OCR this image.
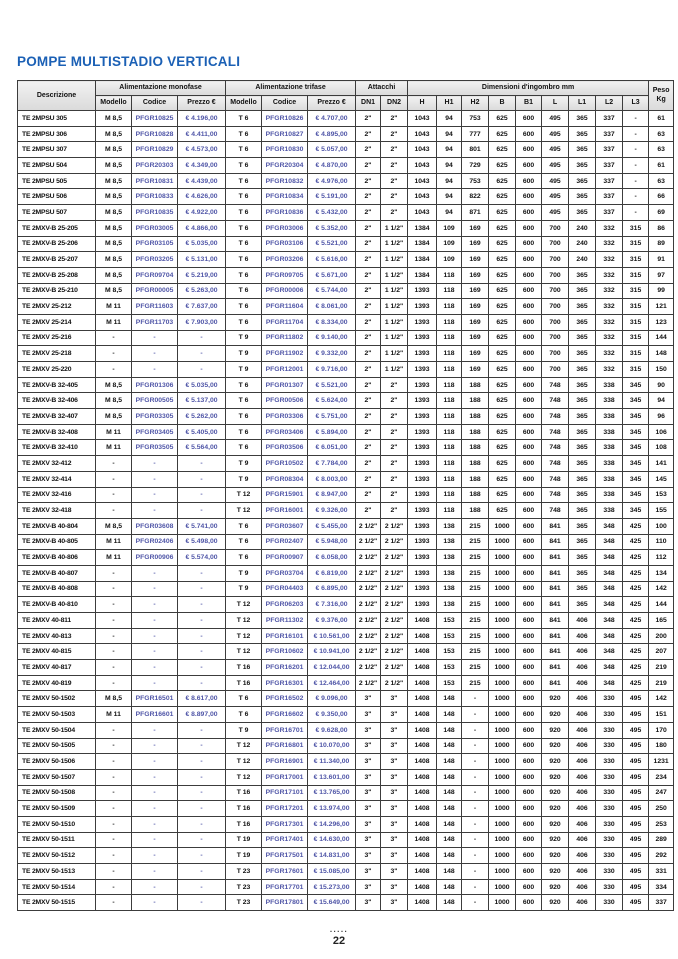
POMPE MULTISTADIO VERTICALI
Descrizione	Alimentazione monofase			Alimentazione trifase			Attacchi		Dimensioni d'ingombro mm									Peso
Kg

	Modello	Codice	Prezzo €	Modello	Codice	Prezzo €	DN1	DN2	H	H1	H2	B	B1	L	L1	L2	L3	
TE 2MPSU 305	M 8,5	PFGR10825	€ 4.196,00	T 6	PFGR10826	€ 4.707,00	2"	2"	1043	94	753	625	600	495	365	337	-	61
TE 2MPSU 306	M 8,5	PFGR10828	€ 4.411,00	T 6	PFGR10827	€ 4.895,00	2"	2"	1043	94	777	625	600	495	365	337	-	63
TE 2MPSU 307	M 8,5	PFGR10829	€ 4.573,00	T 6	PFGR10830	€ 5.057,00	2"	2"	1043	94	801	625	600	495	365	337	-	63
TE 2MPSU 504	M 8,5	PFGR20303	€ 4.349,00	T 6	PFGR20304	€ 4.870,00	2"	2"	1043	94	729	625	600	495	365	337	-	61
TE 2MPSU 505	M 8,5	PFGR10831	€ 4.439,00	T 6	PFGR10832	€ 4.976,00	2"	2"	1043	94	753	625	600	495	365	337	-	63
TE 2MPSU 506	M 8,5	PFGR10833	€ 4.626,00	T 6	PFGR10834	€ 5.191,00	2"	2"	1043	94	822	625	600	495	365	337	-	66
TE 2MPSU 507	M 8,5	PFGR10835	€ 4.922,00	T 6	PFGR10836	€ 5.432,00	2"	2"	1043	94	871	625	600	495	365	337	-	69
TE 2MXV-B 25-205	M 8,5	PFGR03005	€ 4.866,00	T 6	PFGR03006	€ 5.352,00	2"	1 1/2"	1384	109	169	625	600	700	240	332	315	86
TE 2MXV-B 25-206	M 8,5	PFGR03105	€ 5.035,00	T 6	PFGR03106	€ 5.521,00	2"	1 1/2"	1384	109	169	625	600	700	240	332	315	89
TE 2MXV-B 25-207	M 8,5	PFGR03205	€ 5.131,00	T 6	PFGR03206	€ 5.616,00	2"	1 1/2"	1384	109	169	625	600	700	240	332	315	91
TE 2MXV-B 25-208	M 8,5	PFGR09704	€ 5.219,00	T 6	PFGR09705	€ 5.671,00	2"	1 1/2"	1384	118	169	625	600	700	365	332	315	97
TE 2MXV-B 25-210	M 8,5	PFGR00005	€ 5.263,00	T 6	PFGR00006	€ 5.744,00	2"	1 1/2"	1393	118	169	625	600	700	365	332	315	99
TE 2MXV 25-212	M 11	PFGR11603	€ 7.637,00	T 6	PFGR11604	€ 8.061,00	2"	1 1/2"	1393	118	169	625	600	700	365	332	315	121
TE 2MXV 25-214	M 11	PFGR11703	€ 7.903,00	T 6	PFGR11704	€ 8.334,00	2"	1 1/2"	1393	118	169	625	600	700	365	332	315	123
TE 2MXV 25-216	-	-	-	T 9	PFGR11802	€ 9.140,00	2"	1 1/2"	1393	118	169	625	600	700	365	332	315	144
TE 2MXV 25-218	-	-	-	T 9	PFGR11902	€ 9.332,00	2"	1 1/2"	1393	118	169	625	600	700	365	332	315	148
TE 2MXV 25-220	-	-	-	T 9	PFGR12001	€ 9.716,00	2"	1 1/2"	1393	118	169	625	600	700	365	332	315	150
TE 2MXV-B 32-405	M 8,5	PFGR01306	€ 5.035,00	T 6	PFGR01307	€ 5.521,00	2"	2"	1393	118	188	625	600	748	365	338	345	90
TE 2MXV-B 32-406	M 8,5	PFGR00505	€ 5.137,00	T 6	PFGR00506	€ 5.624,00	2"	2"	1393	118	188	625	600	748	365	338	345	94
TE 2MXV-B 32-407	M 8,5	PFGR03305	€ 5.262,00	T 6	PFGR03306	€ 5.751,00	2"	2"	1393	118	188	625	600	748	365	338	345	96
TE 2MXV-B 32-408	M 11	PFGR03405	€ 5.405,00	T 6	PFGR03406	€ 5.894,00	2"	2"	1393	118	188	625	600	748	365	338	345	106
TE 2MXV-B 32-410	M 11	PFGR03505	€ 5.564,00	T 6	PFGR03506	€ 6.051,00	2"	2"	1393	118	188	625	600	748	365	338	345	108
TE 2MXV 32-412	-	-	-	T 9	PFGR10502	€ 7.784,00	2"	2"	1393	118	188	625	600	748	365	338	345	141
TE 2MXV 32-414	-	-	-	T 9	PFGR08304	€ 8.003,00	2"	2"	1393	118	188	625	600	748	365	338	345	145
TE 2MXV 32-416	-	-	-	T 12	PFGR15901	€ 8.947,00	2"	2"	1393	118	188	625	600	748	365	338	345	153
TE 2MXV 32-418	-	-	-	T 12	PFGR16001	€ 9.326,00	2"	2"	1393	118	188	625	600	748	365	338	345	155
TE 2MXV-B 40-804	M 8,5	PFGR03608	€ 5.741,00	T 6	PFGR03607	€ 5.455,00	2 1/2"	2 1/2"	1393	138	215	1000	600	841	365	348	425	100
TE 2MXV-B 40-805	M 11	PFGR02406	€ 5.498,00	T 6	PFGR02407	€ 5.948,00	2 1/2"	2 1/2"	1393	138	215	1000	600	841	365	348	425	110
TE 2MXV-B 40-806	M 11	PFGR00906	€ 5.574,00	T 6	PFGR00907	€ 6.058,00	2 1/2"	2 1/2"	1393	138	215	1000	600	841	365	348	425	112
TE 2MXV-B 40-807	-	-	-	T 9	PFGR03704	€ 6.819,00	2 1/2"	2 1/2"	1393	138	215	1000	600	841	365	348	425	134
TE 2MXV-B 40-808	-	-	-	T 9	PFGR04403	€ 6.895,00	2 1/2"	2 1/2"	1393	138	215	1000	600	841	365	348	425	142
TE 2MXV-B 40-810	-	-	-	T 12	PFGR06203	€ 7.316,00	2 1/2"	2 1/2"	1393	138	215	1000	600	841	365	348	425	144
TE 2MXV 40-811	-	-	-	T 12	PFGR11302	€ 9.376,00	2 1/2"	2 1/2"	1408	153	215	1000	600	841	406	348	425	165
TE 2MXV 40-813	-	-	-	T 12	PFGR16101	€ 10.561,00	2 1/2"	2 1/2"	1408	153	215	1000	600	841	406	348	425	200
TE 2MXV 40-815	-	-	-	T 12	PFGR10602	€ 10.941,00	2 1/2"	2 1/2"	1408	153	215	1000	600	841	406	348	425	207
TE 2MXV 40-817	-	-	-	T 16	PFGR16201	€ 12.044,00	2 1/2"	2 1/2"	1408	153	215	1000	600	841	406	348	425	219
TE 2MXV 40-819	-	-	-	T 16	PFGR16301	€ 12.464,00	2 1/2"	2 1/2"	1408	153	215	1000	600	841	406	348	425	219
TE 2MXV 50-1502	M 8,5	PFGR16501	€ 8.617,00	T 6	PFGR16502	€ 9.096,00	3"	3"	1408	148	-	1000	600	920	406	330	495	142
TE 2MXV 50-1503	M 11	PFGR16601	€ 8.897,00	T 6	PFGR16602	€ 9.350,00	3"	3"	1408	148	-	1000	600	920	406	330	495	151
TE 2MXV 50-1504	-	-	-	T 9	PFGR16701	€ 9.628,00	3"	3"	1408	148	-	1000	600	920	406	330	495	170
TE 2MXV 50-1505	-	-	-	T 12	PFGR16801	€ 10.070,00	3"	3"	1408	148	-	1000	600	920	406	330	495	180
TE 2MXV 50-1506	-	-	-	T 12	PFGR16901	€ 11.340,00	3"	3"	1408	148	-	1000	600	920	406	330	495	1231
TE 2MXV 50-1507	-	-	-	T 12	PFGR17001	€ 13.601,00	3"	3"	1408	148	-	1000	600	920	406	330	495	234
TE 2MXV 50-1508	-	-	-	T 16	PFGR17101	€ 13.765,00	3"	3"	1408	148	-	1000	600	920	406	330	495	247
TE 2MXV 50-1509	-	-	-	T 16	PFGR17201	€ 13.974,00	3"	3"	1408	148	-	1000	600	920	406	330	495	250
TE 2MXV 50-1510	-	-	-	T 16	PFGR17301	€ 14.296,00	3"	3"	1408	148	-	1000	600	920	406	330	495	253
TE 2MXV 50-1511	-	-	-	T 19	PFGR17401	€ 14.630,00	3"	3"	1408	148	-	1000	600	920	406	330	495	289
TE 2MXV 50-1512	-	-	-	T 19	PFGR17501	€ 14.831,00	3"	3"	1408	148	-	1000	600	920	406	330	495	292
TE 2MXV 50-1513	-	-	-	T 23	PFGR17601	€ 15.085,00	3"	3"	1408	148	-	1000	600	920	406	330	495	331
TE 2MXV 50-1514	-	-	-	T 23	PFGR17701	€ 15.273,00	3"	3"	1408	148	-	1000	600	920	406	330	495	334
TE 2MXV 50-1515	-	-	-	T 23	PFGR17801	€ 15.649,00	3"	3"	1408	148	-	1000	600	920	406	330	495	337
·····
22
